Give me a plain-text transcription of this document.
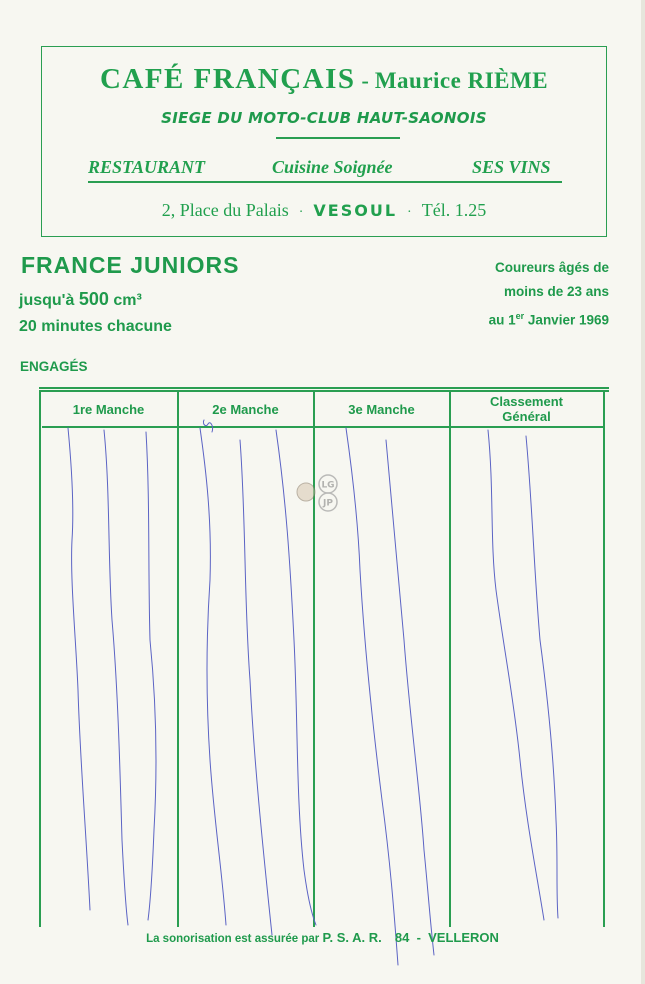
CAFÉ FRANÇAIS - Maurice RIÈME
SIEGE DU MOTO-CLUB HAUT-SAONOIS
RESTAURANT	Cuisine Soignée	SES VINS
2, Place du Palais · VESOUL · Tél. 1.25
FRANCE JUNIORS
jusqu'à 500 cm³
20 minutes chacune
Coureurs âgés de
moins de 23 ans
au 1er Janvier 1969
ENGAGÉS
1re Manche	2e Manche	3e Manche	Classement
Général
LG
JP
La sonorisation est assurée par P. S. A. R. 84 - VELLERON
